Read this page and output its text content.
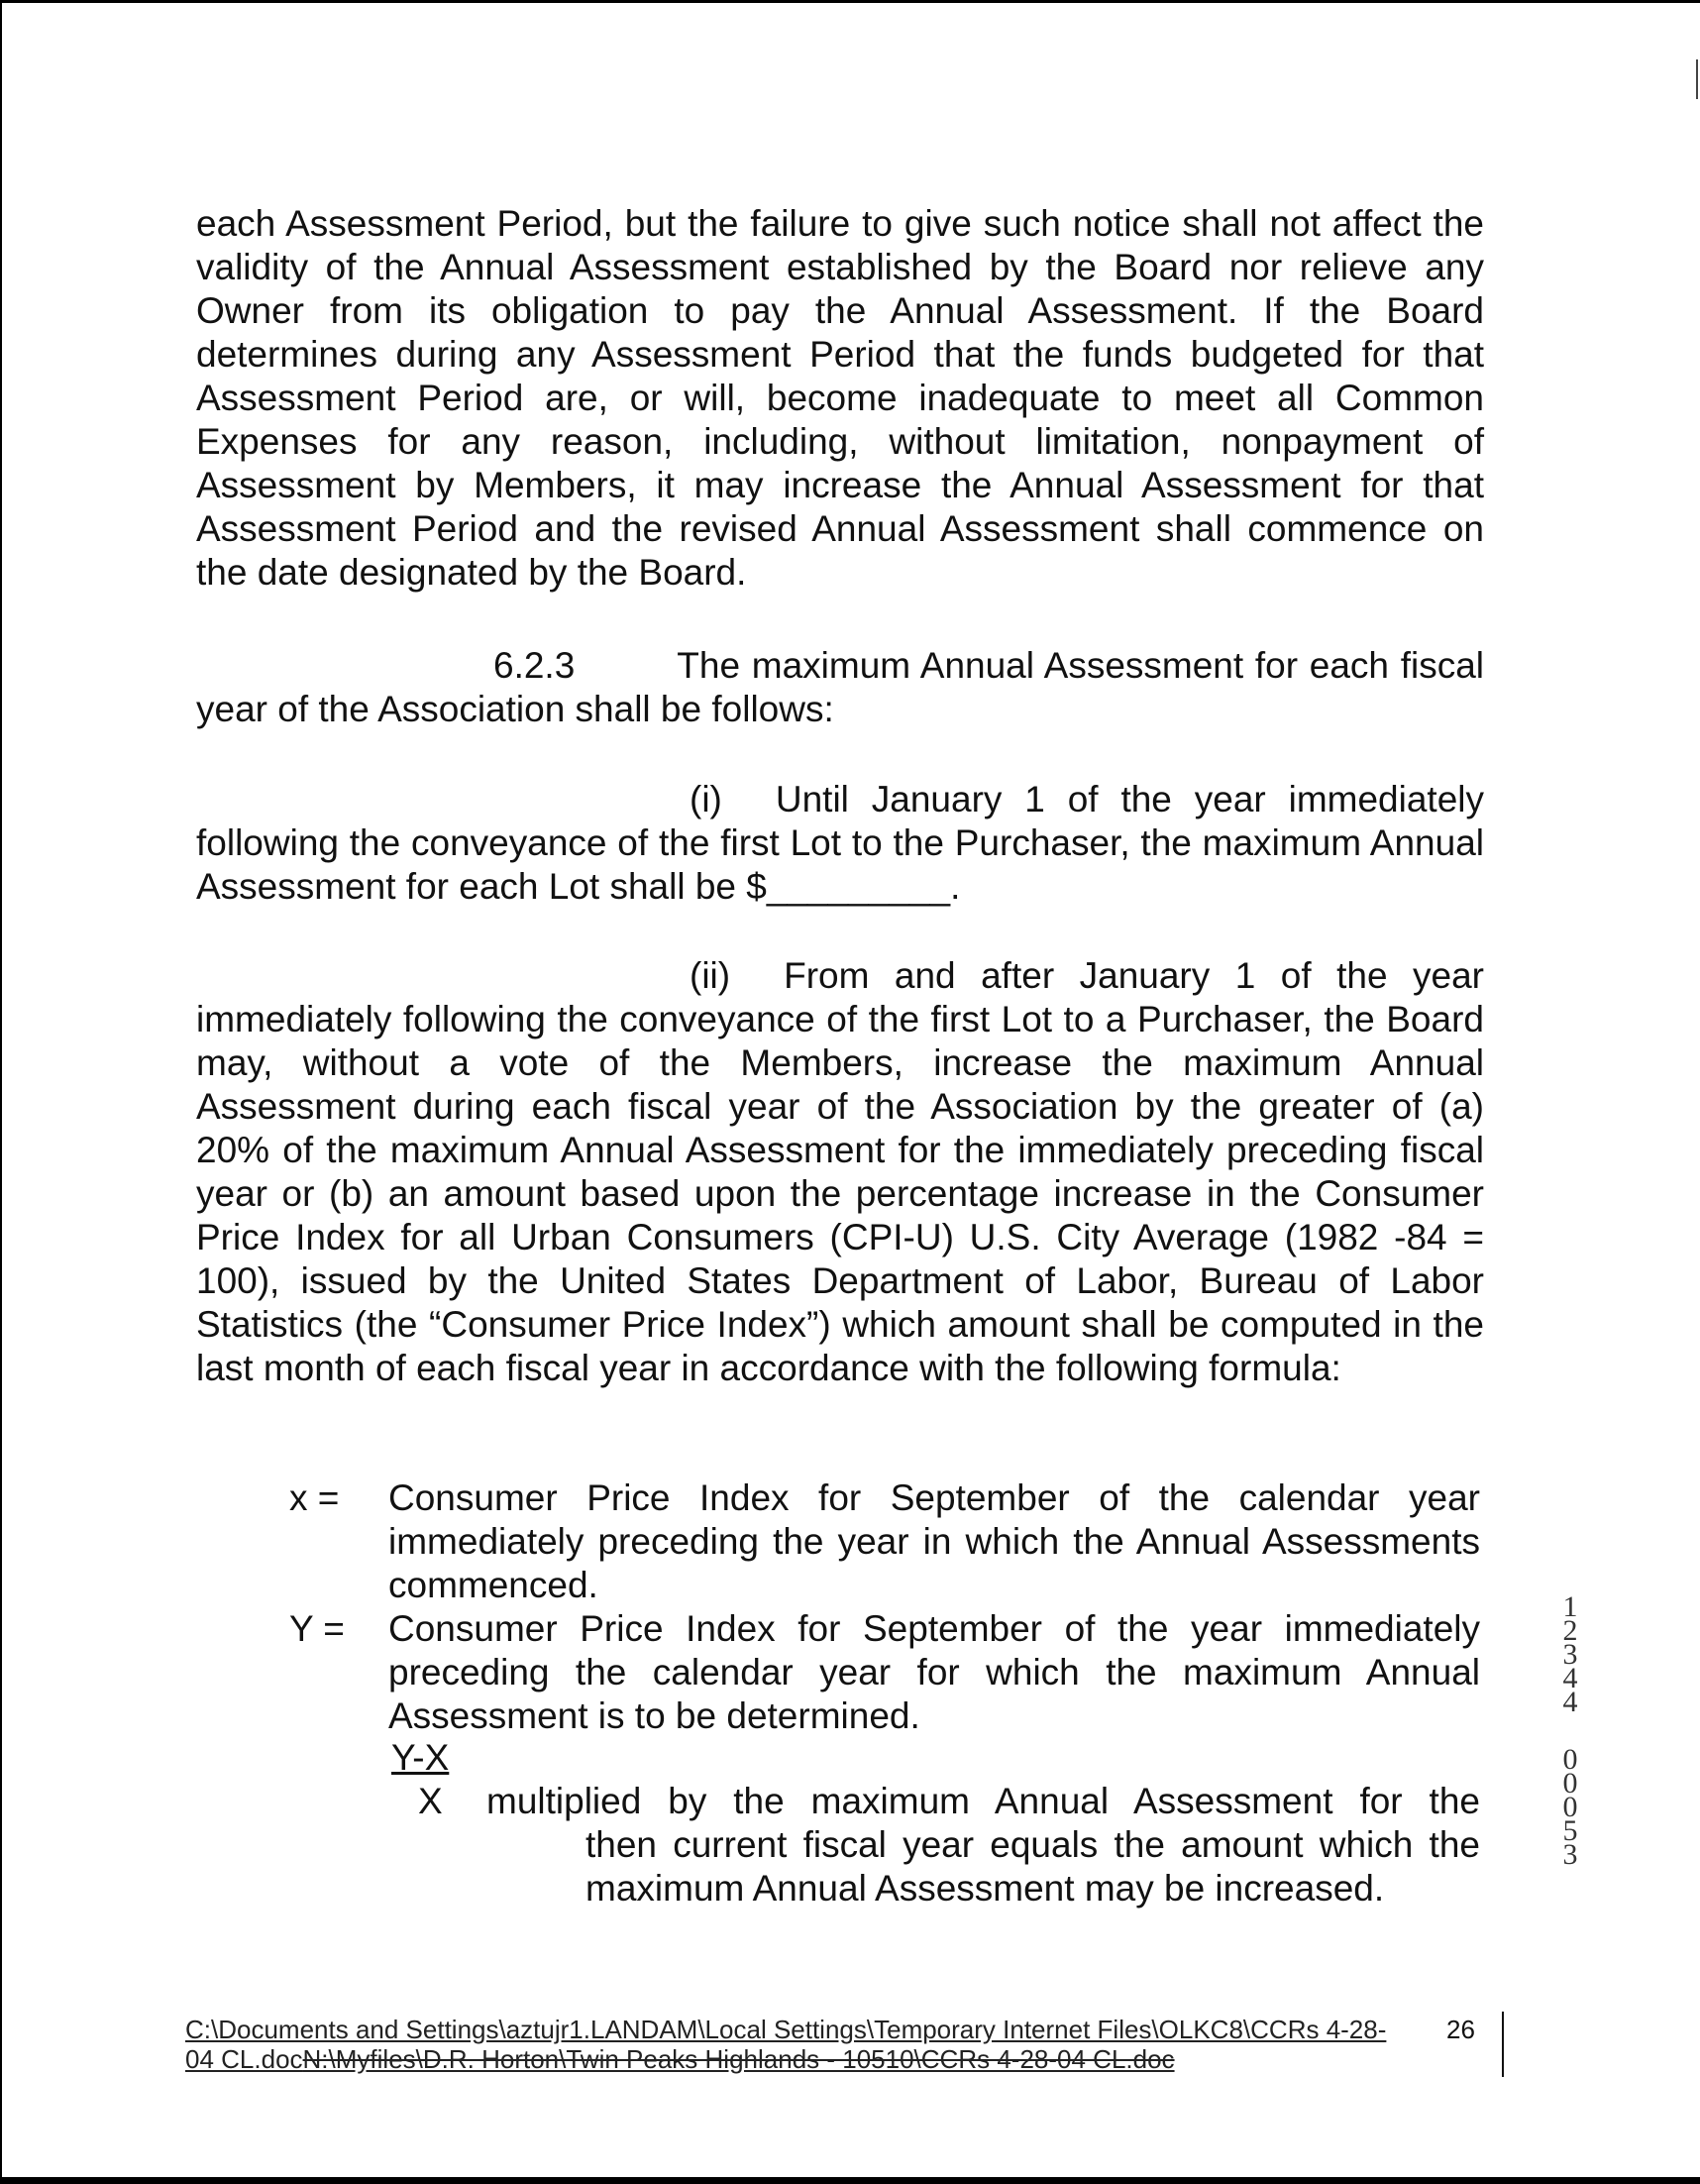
each Assessment Period, but the failure to give such notice shall not affect the validity of the Annual Assessment established by the Board nor relieve any Owner from its obligation to pay the Annual Assessment. If the Board determines during any Assessment Period that the funds budgeted for that Assessment Period are, or will, become inadequate to meet all Common Expenses for any reason, including, without limitation, nonpayment of Assessment by Members, it may increase the Annual Assessment for that Assessment Period and the revised Annual Assessment shall commence on the date designated by the Board.

6.2.3	The maximum Annual Assessment for each fiscal year of the Association shall be follows:

(i) Until January 1 of the year immediately following the conveyance of the first Lot to the Purchaser, the maximum Annual Assessment for each Lot shall be $_________.

(ii) From and after January 1 of the year immediately following the conveyance of the first Lot to a Purchaser, the Board may, without a vote of the Members, increase the maximum Annual Assessment during each fiscal year of the Association by the greater of (a) 20% of the maximum Annual Assessment for the immediately preceding fiscal year or (b) an amount based upon the percentage increase in the Consumer Price Index for all Urban Consumers (CPI-U) U.S. City Average (1982 -84 = 100), issued by the United States Department of Labor, Bureau of Labor Statistics (the “Consumer Price Index”) which amount shall be computed in the last month of each fiscal year in accordance with the following formula:

x = Consumer Price Index for September of the calendar year immediately preceding the year in which the Annual Assessments commenced.

Y = Consumer Price Index for September of the year immediately preceding the calendar year for which the maximum Annual Assessment is to be determined.

Y-X
X multiplied by the maximum Annual Assessment for the

then current fiscal year equals the amount which the maximum Annual Assessment may be increased.

C:\Documents and Settings\aztujr1.LANDAM\Local Settings\Temporary Internet Files\OLKC8\CCRs 4-28-04 CL.docN:\Myfiles\D.R. Horton\Twin Peaks Highlands - 10510\CCRs 4-28-04 CL.doc
26
1
2
3
4
4
0
0
0
5
3
